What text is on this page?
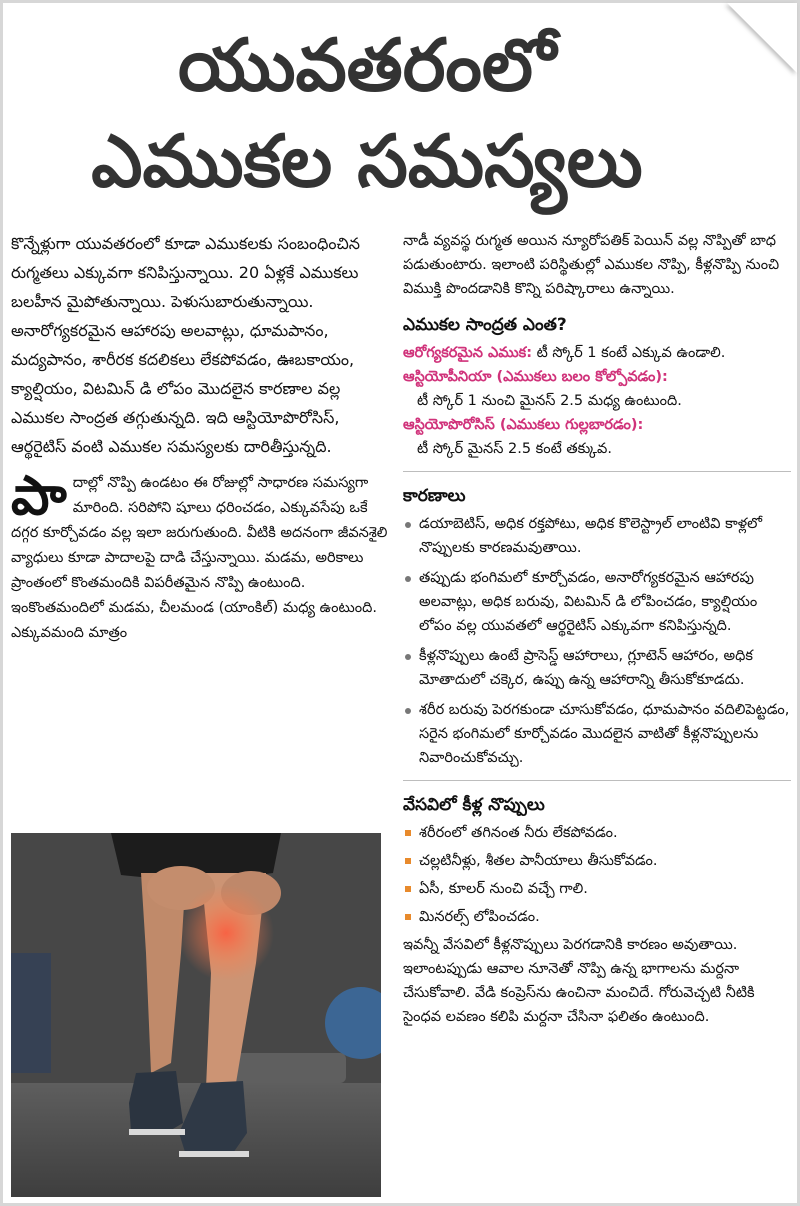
యువతరంలో
ఎముకల సమస్యలు

కొన్నేళ్లుగా యువతరంలో కూడా ఎముకలకు సంబంధించిన రుగ్మతలు ఎక్కువగా కనిపిస్తున్నాయి. 20 ఏళ్లకే ఎముకలు బలహీన మైపోతున్నాయి. పెళుసుబారుతున్నాయి. అనారోగ్యకరమైన ఆహారపు అలవాట్లు, ధూమపానం, మద్యపానం, శారీరక కదలికలు లేకపోవడం, ఊబకాయం, క్యాల్షియం, విటమిన్ డి లోపం మొదలైన కారణాల వల్ల ఎముకల సాంద్రత తగ్గుతున్నది. ఇది ఆస్టియోపొరోసిస్, ఆర్థరైటిస్ వంటి ఎముకల సమస్యలకు దారితీస్తున్నది.

పా దాల్లో నొప్పి ఉండటం ఈ రోజుల్లో సాధారణ సమస్యగా మారింది. సరిపోని షూలు ధరించడం, ఎక్కువసేపు ఒకే దగ్గర కూర్చోవడం వల్ల ఇలా జరుగుతుంది. వీటికి అదనంగా జీవనశైలి వ్యాధులు కూడా పాదాలపై దాడి చేస్తున్నాయి. మడమ, అరికాలు ప్రాంతంలో కొంతమందికి విపరీతమైన నొప్పి ఉంటుంది. ఇంకొంతమందిలో మడమ, చీలమండ (యాంకిల్) మధ్య ఉంటుంది. ఎక్కువమంది మాత్రం

నాడీ వ్యవస్థ రుగ్మత అయిన న్యూరోపతిక్ పెయిన్ వల్ల నొప్పితో బాధ పడుతుంటారు. ఇలాంటి పరిస్థితుల్లో ఎముకల నొప్పి, కీళ్లనొప్పి నుంచి విముక్తి పొందడానికి కొన్ని పరిష్కారాలు ఉన్నాయి.

ఎముకల సాంద్రత ఎంత?
ఆరోగ్యకరమైన ఎముక: టీ స్కోర్ 1 కంటే ఎక్కువ ఉండాలి.
ఆస్టియోపీనియా (ఎముకలు బలం కోల్పోవడం):
టీ స్కోర్ 1 నుంచి మైనస్ 2.5 మధ్య ఉంటుంది.
ఆస్టియోపొరోసిస్ (ఎముకలు గుల్లబారడం):
టీ స్కోర్ మైనస్ 2.5 కంటే తక్కువ.
కారణాలు
డయాబెటిస్, అధిక రక్తపోటు, అధిక కొలెస్ట్రాల్ లాంటివి కాళ్లలో నొప్పులకు కారణమవుతాయి.
తప్పుడు భంగిమలో కూర్చోవడం, అనారోగ్యకరమైన ఆహారపు అలవాట్లు, అధిక బరువు, విటమిన్ డి లోపించడం, క్యాల్షియం లోపం వల్ల యువతలో ఆర్థరైటిస్ ఎక్కువగా కనిపిస్తున్నది.
కీళ్లనొప్పులు ఉంటే ప్రాసెస్డ్ ఆహారాలు, గ్లూటెన్ ఆహారం, అధిక మోతాదులో చక్కెర, ఉప్పు ఉన్న ఆహారాన్ని తీసుకోకూడదు.
శరీర బరువు పెరగకుండా చూసుకోవడం, ధూమపానం వదిలిపెట్టడం, సరైన భంగిమలో కూర్చోవడం మొదలైన వాటితో కీళ్లనొప్పులను నివారించుకోవచ్చు.
వేసవిలో కీళ్ల నొప్పులు
శరీరంలో తగినంత నీరు లేకపోవడం.
చల్లటినీళ్లు, శీతల పానీయాలు తీసుకోవడం.
ఏసీ, కూలర్ నుంచి వచ్చే గాలి.
మినరల్స్ లోపించడం.

ఇవన్నీ వేసవిలో కీళ్లనొప్పులు పెరగడానికి కారణం అవుతాయి. ఇలాంటప్పుడు ఆవాల నూనెతో నొప్పి ఉన్న భాగాలను మర్దనా చేసుకోవాలి. వేడి కంప్రెస్‌ను ఉంచినా మంచిదే. గోరువెచ్చటి నీటికి సైంధవ లవణం కలిపి మర్దనా చేసినా ఫలితం ఉంటుంది.
